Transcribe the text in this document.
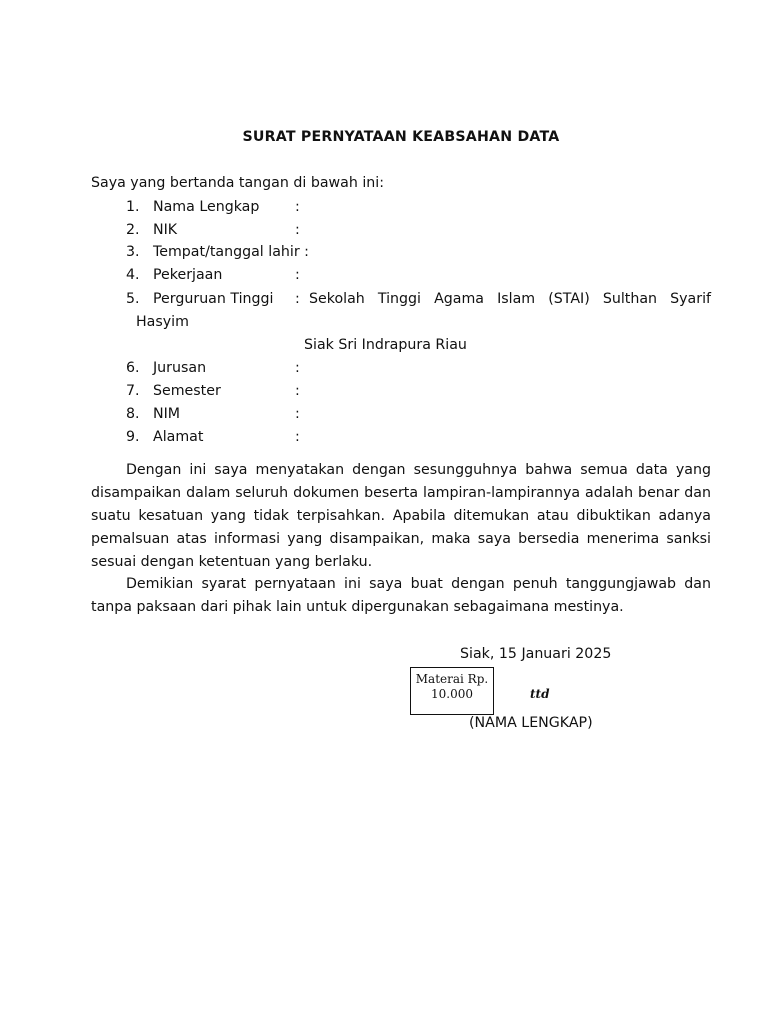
SURAT PERNYATAAN KEABSAHAN DATA
Saya yang bertanda tangan di bawah ini:
1. Nama Lengkap	:
2. NIK	:
3. Tempat/tanggal lahir :
4. Pekerjaan	:
5. Perguruan Tinggi : Sekolah Tinggi Agama Islam (STAI) Sulthan Syarif
Hasyim
Siak Sri Indrapura Riau
6. Jurusan	:
7. Semester	:
8. NIM	:
9. Alamat	:

Dengan ini saya menyatakan dengan sesungguhnya bahwa semua data yang disampaikan dalam seluruh dokumen beserta lampiran-lampirannya adalah benar dan suatu kesatuan yang tidak terpisahkan. Apabila ditemukan atau dibuktikan adanya pemalsuan atas informasi yang disampaikan, maka saya bersedia menerima sanksi sesuai dengan ketentuan yang berlaku.

Demikian syarat pernyataan ini saya buat dengan penuh tanggungjawab dan tanpa paksaan dari pihak lain untuk dipergunakan sebagaimana mestinya.

Siak, 15 Januari 2025
Materai Rp.
10.000	ttd
(NAMA LENGKAP)
